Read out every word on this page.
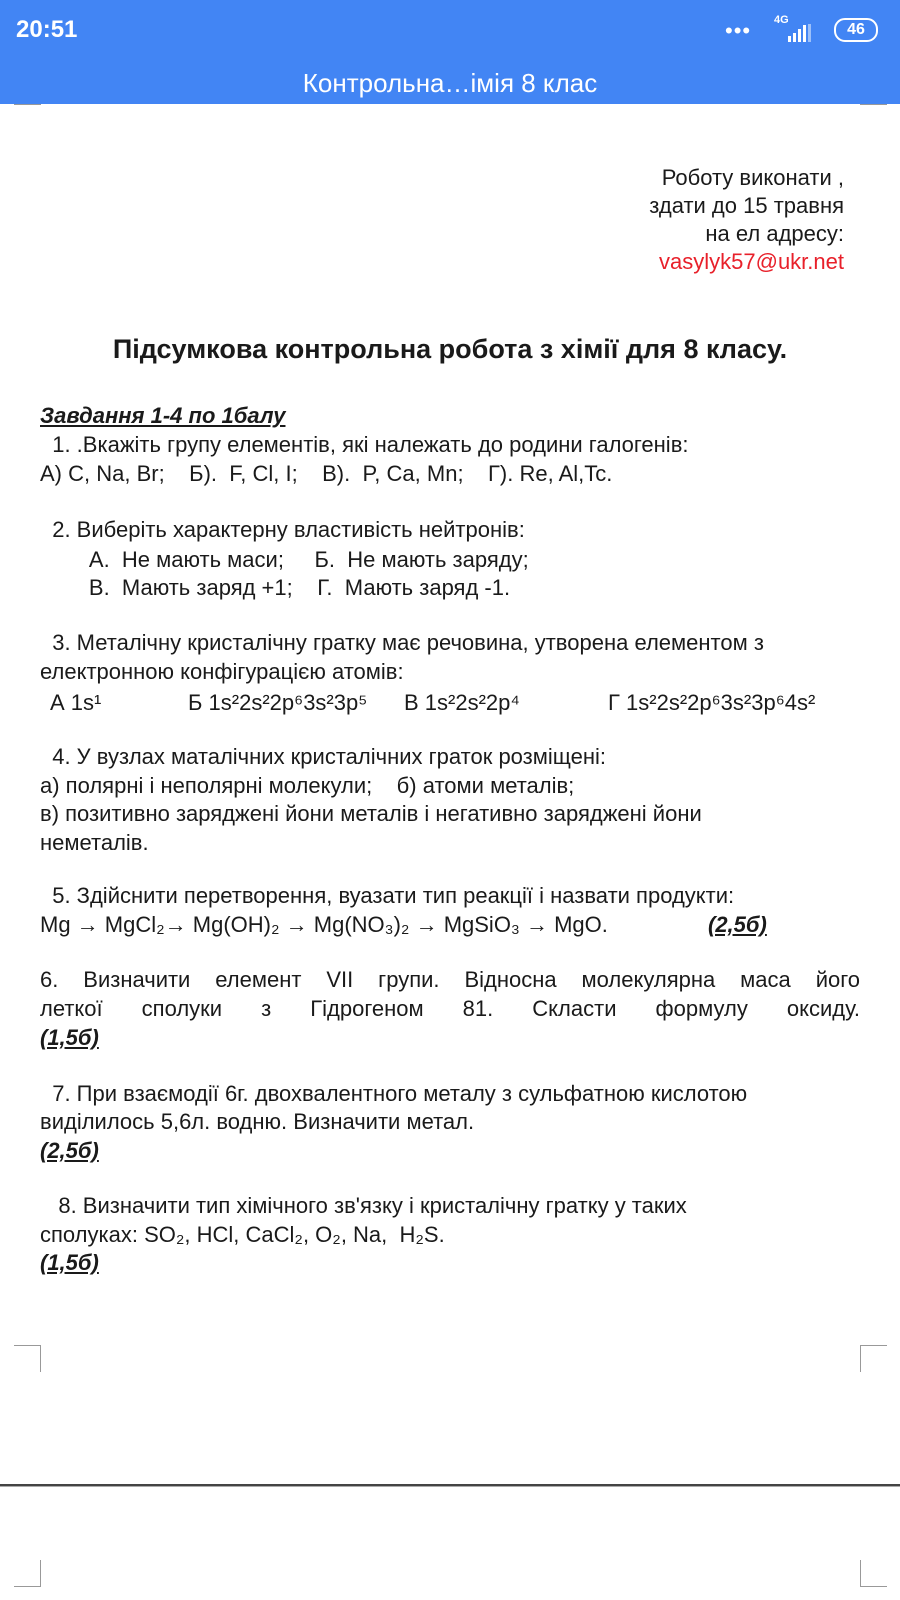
20:51	••• 4G
46
Контрольна…імія 8 клас
Роботу виконати ,
здати до 15 травня
на ел адресу:
vasylyk57@ukr.net
Підсумкова контрольна робота з хімії для 8 класу.
Завдання 1-4 по 1балу
1. .Вкажіть групу елементів, які належать до родини галогенів:
А) C, Na, Br;    Б).  F, Cl, I;    В).  P, Ca, Mn;    Г). Re, Al,Tc.
2. Виберіть характерну властивість нейтронів:
А.  Не мають маси;     Б.  Не мають заряду;
В.  Мають заряд +1;    Г.  Мають заряд -1.
3. Металічну кристалічну гратку має речовина, утворена елементом з
електронною конфігурацією атомів:
А 1s¹	Б 1s²2s²2p⁶3s²3p⁵ В 1s²2s²2p⁴	Г 1s²2s²2p⁶3s²3p⁶4s²
4. У вузлах маталічних кристалічних граток розміщені:
а) полярні і неполярні молекули;    б) атоми металів;
в) позитивно заряджені йони металів і негативно заряджені йони
неметалів.
5. Здійснити перетворення, вуазати тип реакції і назвати продукти:
Mg → MgCl₂→ Mg(OH)₂ → Mg(NO₃)₂ → MgSiO₃ → MgO.	(2,5б)
6. Визначити елемент VII групи. Відносна молекулярна маса його
леткої сполуки з Гідрогеном 81. Скласти формулу оксиду.
(1,5б)
7. При взаємодії 6г. двохвалентного металу з сульфатною кислотою
виділилось 5,6л. водню. Визначити метал.
(2,5б)
8. Визначити тип хімічного зв'язку і кристалічну гратку у таких
сполуках: SO₂, HCl, CaCl₂, O₂, Na,  H₂S.
(1,5б)
